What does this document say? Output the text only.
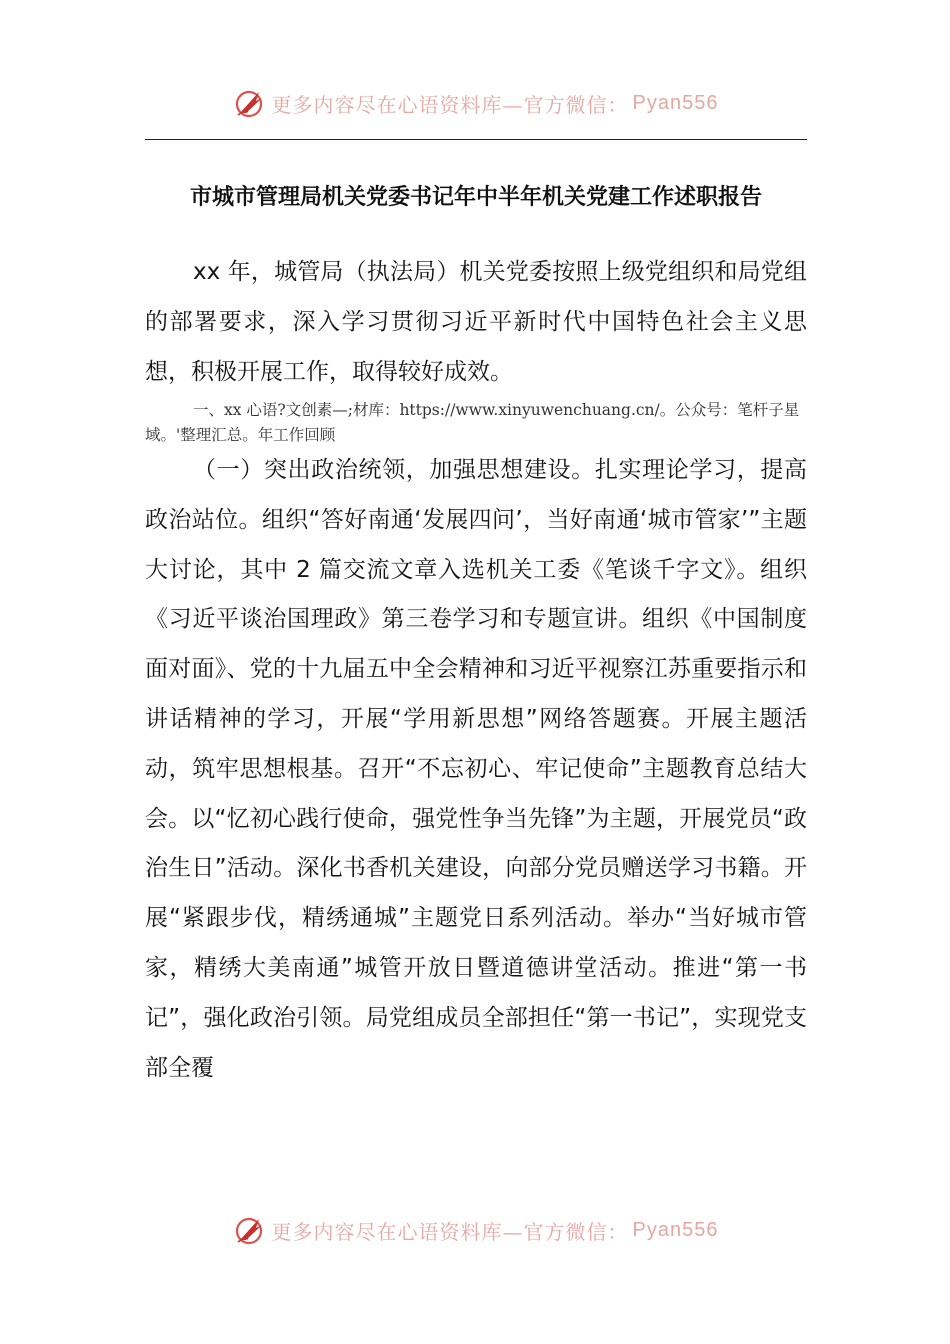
更多内容尽在心语资料库—官方微信： Pyan556
市城市管理局机关党委书记年中半年机关党建工作述职报告

xx 年，城管局（执法局）机关党委按照上级党组织和局党组的部署要求，深入学习贯彻习近平新时代中国特色社会主义思想，积极开展工作，取得较好成效。

一、xx 心语?文创素—;材库：https://www.xinyuwenchuang.cn/。公众号：笔杆子星域。'整理汇总。年工作回顾

（一）突出政治统领，加强思想建设。扎实理论学习，提高政治站位。组织“答好南通‘发展四问’，当好南通‘城市管家’”主题大讨论，其中 2 篇交流文章入选机关工委《笔谈千字文》。组织《习近平谈治国理政》第三卷学习和专题宣讲。组织《中国制度面对面》、党的十九届五中全会精神和习近平视察江苏重要指示和讲话精神的学习，开展“学用新思想”网络答题赛。开展主题活动，筑牢思想根基。召开“不忘初心、牢记使命”主题教育总结大会。以“忆初心践行使命，强党性争当先锋”为主题，开展党员“政治生日”活动。深化书香机关建设，向部分党员赠送学习书籍。开展“紧跟步伐，精绣通城”主题党日系列活动。举办“当好城市管家，精绣大美南通”城管开放日暨道德讲堂活动。推进“第一书记”，强化政治引领。局党组成员全部担任“第一书记”，实现党支部全覆

更多内容尽在心语资料库—官方微信： Pyan556
